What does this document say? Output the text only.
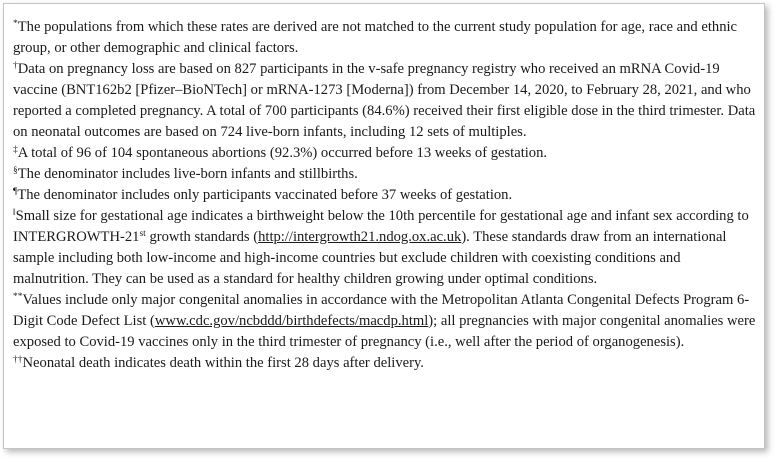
*The populations from which these rates are derived are not matched to the current study population for age, race and ethnic group, or other demographic and clinical factors.

†Data on pregnancy loss are based on 827 participants in the v-safe pregnancy registry who received an mRNA Covid-19 vaccine (BNT162b2 [Pfizer–BioNTech] or mRNA-1273 [Moderna]) from December 14, 2020, to February 28, 2021, and who reported a completed pregnancy. A total of 700 participants (84.6%) received their first eligible dose in the third trimester. Data on neonatal outcomes are based on 724 live-born infants, including 12 sets of multiples.

‡A total of 96 of 104 spontaneous abortions (92.3%) occurred before 13 weeks of gestation.

§The denominator includes live-born infants and stillbirths.

¶The denominator includes only participants vaccinated before 37 weeks of gestation.

‖Small size for gestational age indicates a birthweight below the 10th percentile for gestational age and infant sex according to INTERGROWTH-21st growth standards (http://intergrowth21.ndog.ox.ac.uk). These standards draw from an international sample including both low-income and high-income countries but exclude children with coexisting conditions and malnutrition. They can be used as a standard for healthy children growing under optimal conditions.

**Values include only major congenital anomalies in accordance with the Metropolitan Atlanta Congenital Defects Program 6-Digit Code Defect List (www.cdc.gov/ncbddd/birthdefects/macdp.html); all pregnancies with major congenital anomalies were exposed to Covid-19 vaccines only in the third trimester of pregnancy (i.e., well after the period of organogenesis).

††Neonatal death indicates death within the first 28 days after delivery.
